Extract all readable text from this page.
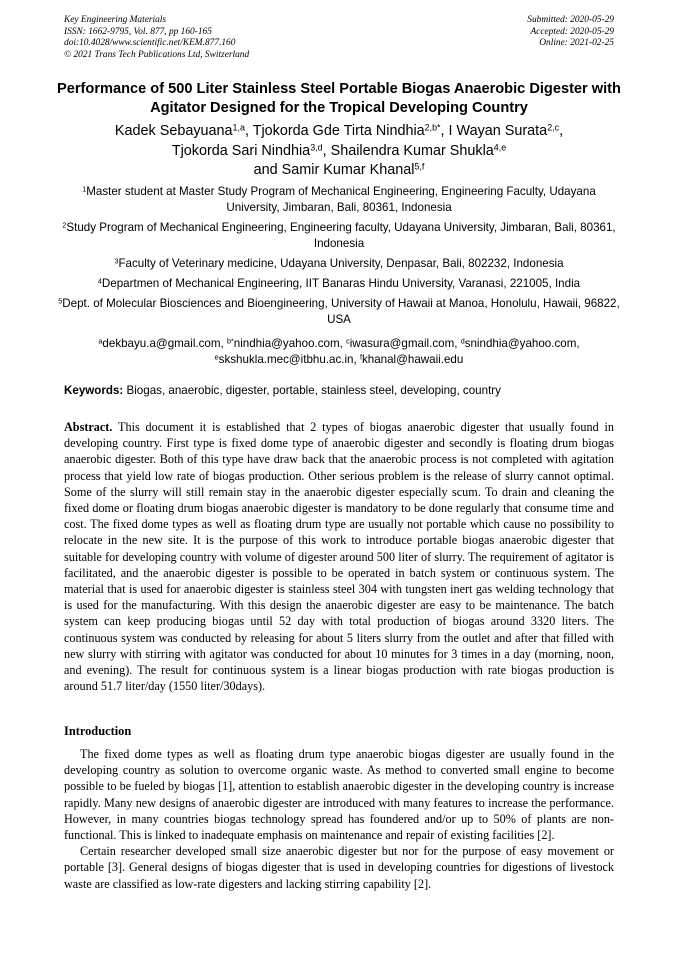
Key Engineering Materials
ISSN: 1662-9795, Vol. 877, pp 160-165
doi:10.4028/www.scientific.net/KEM.877.160
© 2021 Trans Tech Publications Ltd, Switzerland
Submitted: 2020-05-29
Accepted: 2020-05-29
Online: 2021-02-25
Performance of 500 Liter Stainless Steel Portable Biogas Anaerobic Digester with Agitator Designed for the Tropical Developing Country

Kadek Sebayuana$^{1,a}$, Tjokorda Gde Tirta Nindhia$^{2,b*}$, I Wayan Surata$^{2,c}$,
Tjokorda Sari Nindhia$^{3,d}$, Shailendra Kumar Shukla$^{4,e}$
and Samir Kumar Khanal$^{5,f}$

$^1$Master student at Master Study Program of Mechanical Engineering, Engineering Faculty, Udayana University, Jimbaran, Bali, 80361, Indonesia

$^2$Study Program of Mechanical Engineering, Engineering faculty, Udayana University, Jimbaran, Bali, 80361, Indonesia

$^3$Faculty of Veterinary medicine, Udayana University, Denpasar, Bali, 802232, Indonesia

$^4$Departmen of Mechanical Engineering, IIT Banaras Hindu University, Varanasi, 221005, India

$^5$Dept. of Molecular Biosciences and Bioengineering, University of Hawaii at Manoa, Honolulu, Hawaii, 96822, USA

$^a$dekbayu.a@gmail.com, $^{b*}$nindhia@yahoo.com, $^c$iwasura@gmail.com, $^d$snindhia@yahoo.com,
$^e$skshukla.mec@itbhu.ac.in, $^f$khanal@hawaii.edu

Keywords: Biogas, anaerobic, digester, portable, stainless steel, developing, country

Abstract. This document it is established that 2 types of biogas anaerobic digester that usually found in developing country. First type is fixed dome type of anaerobic digester and secondly is floating drum biogas anaerobic digester. Both of this type have draw back that the anaerobic process is not completed with agitation process that yield low rate of biogas production. Other serious problem is the release of slurry cannot optimal. Some of the slurry will still remain stay in the anaerobic digester especially scum. To drain and cleaning the fixed dome or floating drum biogas anaerobic digester is mandatory to be done regularly that consume time and cost. The fixed dome types as well as floating drum type are usually not portable which cause no possibility to relocate in the new site. It is the purpose of this work to introduce portable biogas anaerobic digester that suitable for developing country with volume of digester around 500 liter of slurry. The requirement of agitator is facilitated, and the anaerobic digester is possible to be operated in batch system or continuous system. The material that is used for anaerobic digester is stainless steel 304 with tungsten inert gas welding technology that is used for the manufacturing. With this design the anaerobic digester are easy to be maintenance. The batch system can keep producing biogas until 52 day with total production of biogas around 3320 liters. The continuous system was conducted by releasing for about 5 liters slurry from the outlet and after that filled with new slurry with stirring with agitator was conducted for about 10 minutes for 3 times in a day (morning, noon, and evening). The result for continuous system is a linear biogas production with rate biogas production is around 51.7 liter/day (1550 liter/30days).

Introduction

The fixed dome types as well as floating drum type anaerobic biogas digester are usually found in the developing country as solution to overcome organic waste. As method to converted small engine to become possible to be fueled by biogas [1], attention to establish anaerobic digester in the developing country is increase rapidly. Many new designs of anaerobic digester are introduced with many features to increase the performance. However, in many countries biogas technology spread has foundered and/or up to 50% of plants are non-functional. This is linked to inadequate emphasis on maintenance and repair of existing facilities [2].

Certain researcher developed small size anaerobic digester but nor for the purpose of easy movement or portable [3]. General designs of biogas digester that is used in developing countries for digestions of livestock waste are classified as low-rate digesters and lacking stirring capability [2].
